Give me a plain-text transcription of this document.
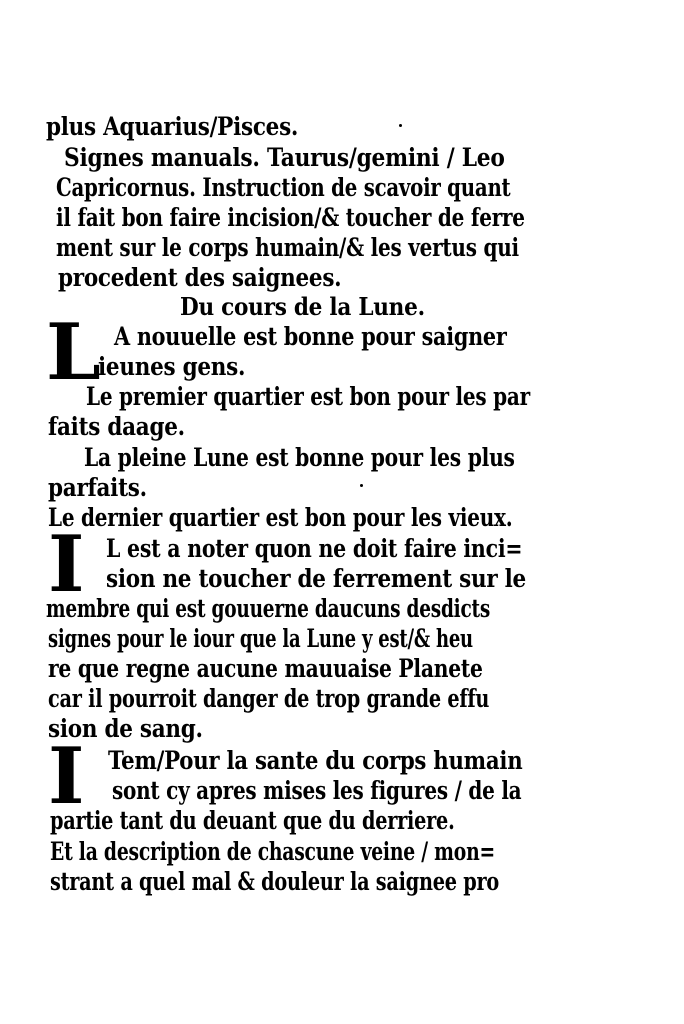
plus Aquarius/Pisces.
Signes manuals. Taurus/gemini / Leo
Capricornus. Instruction de scavoir quant
il fait bon faire incision/& toucher de ferre
ment sur le corps humain/& les vertus qui
procedent des saignees.
Du cours de la Lune.
L A nouuelle est bonne pour saigner
ieunes gens.
Le premier quartier est bon pour les par
faits daage.
La pleine Lune est bonne pour les plus
parfaits.
Le dernier quartier est bon pour les vieux.
I L est a noter quon ne doit faire inci=
sion ne toucher de ferrement sur le
membre qui est gouuerne daucuns desdicts
signes pour le iour que la Lune y est/& heu
re que regne aucune mauuaise Planete
car il pourroit danger de trop grande effu
sion de sang.
I Tem/Pour la sante du corps humain
sont cy apres mises les figures / de la
partie tant du deuant que du derriere.
Et la description de chascune veine / mon=
strant a quel mal & douleur la saignee pro
